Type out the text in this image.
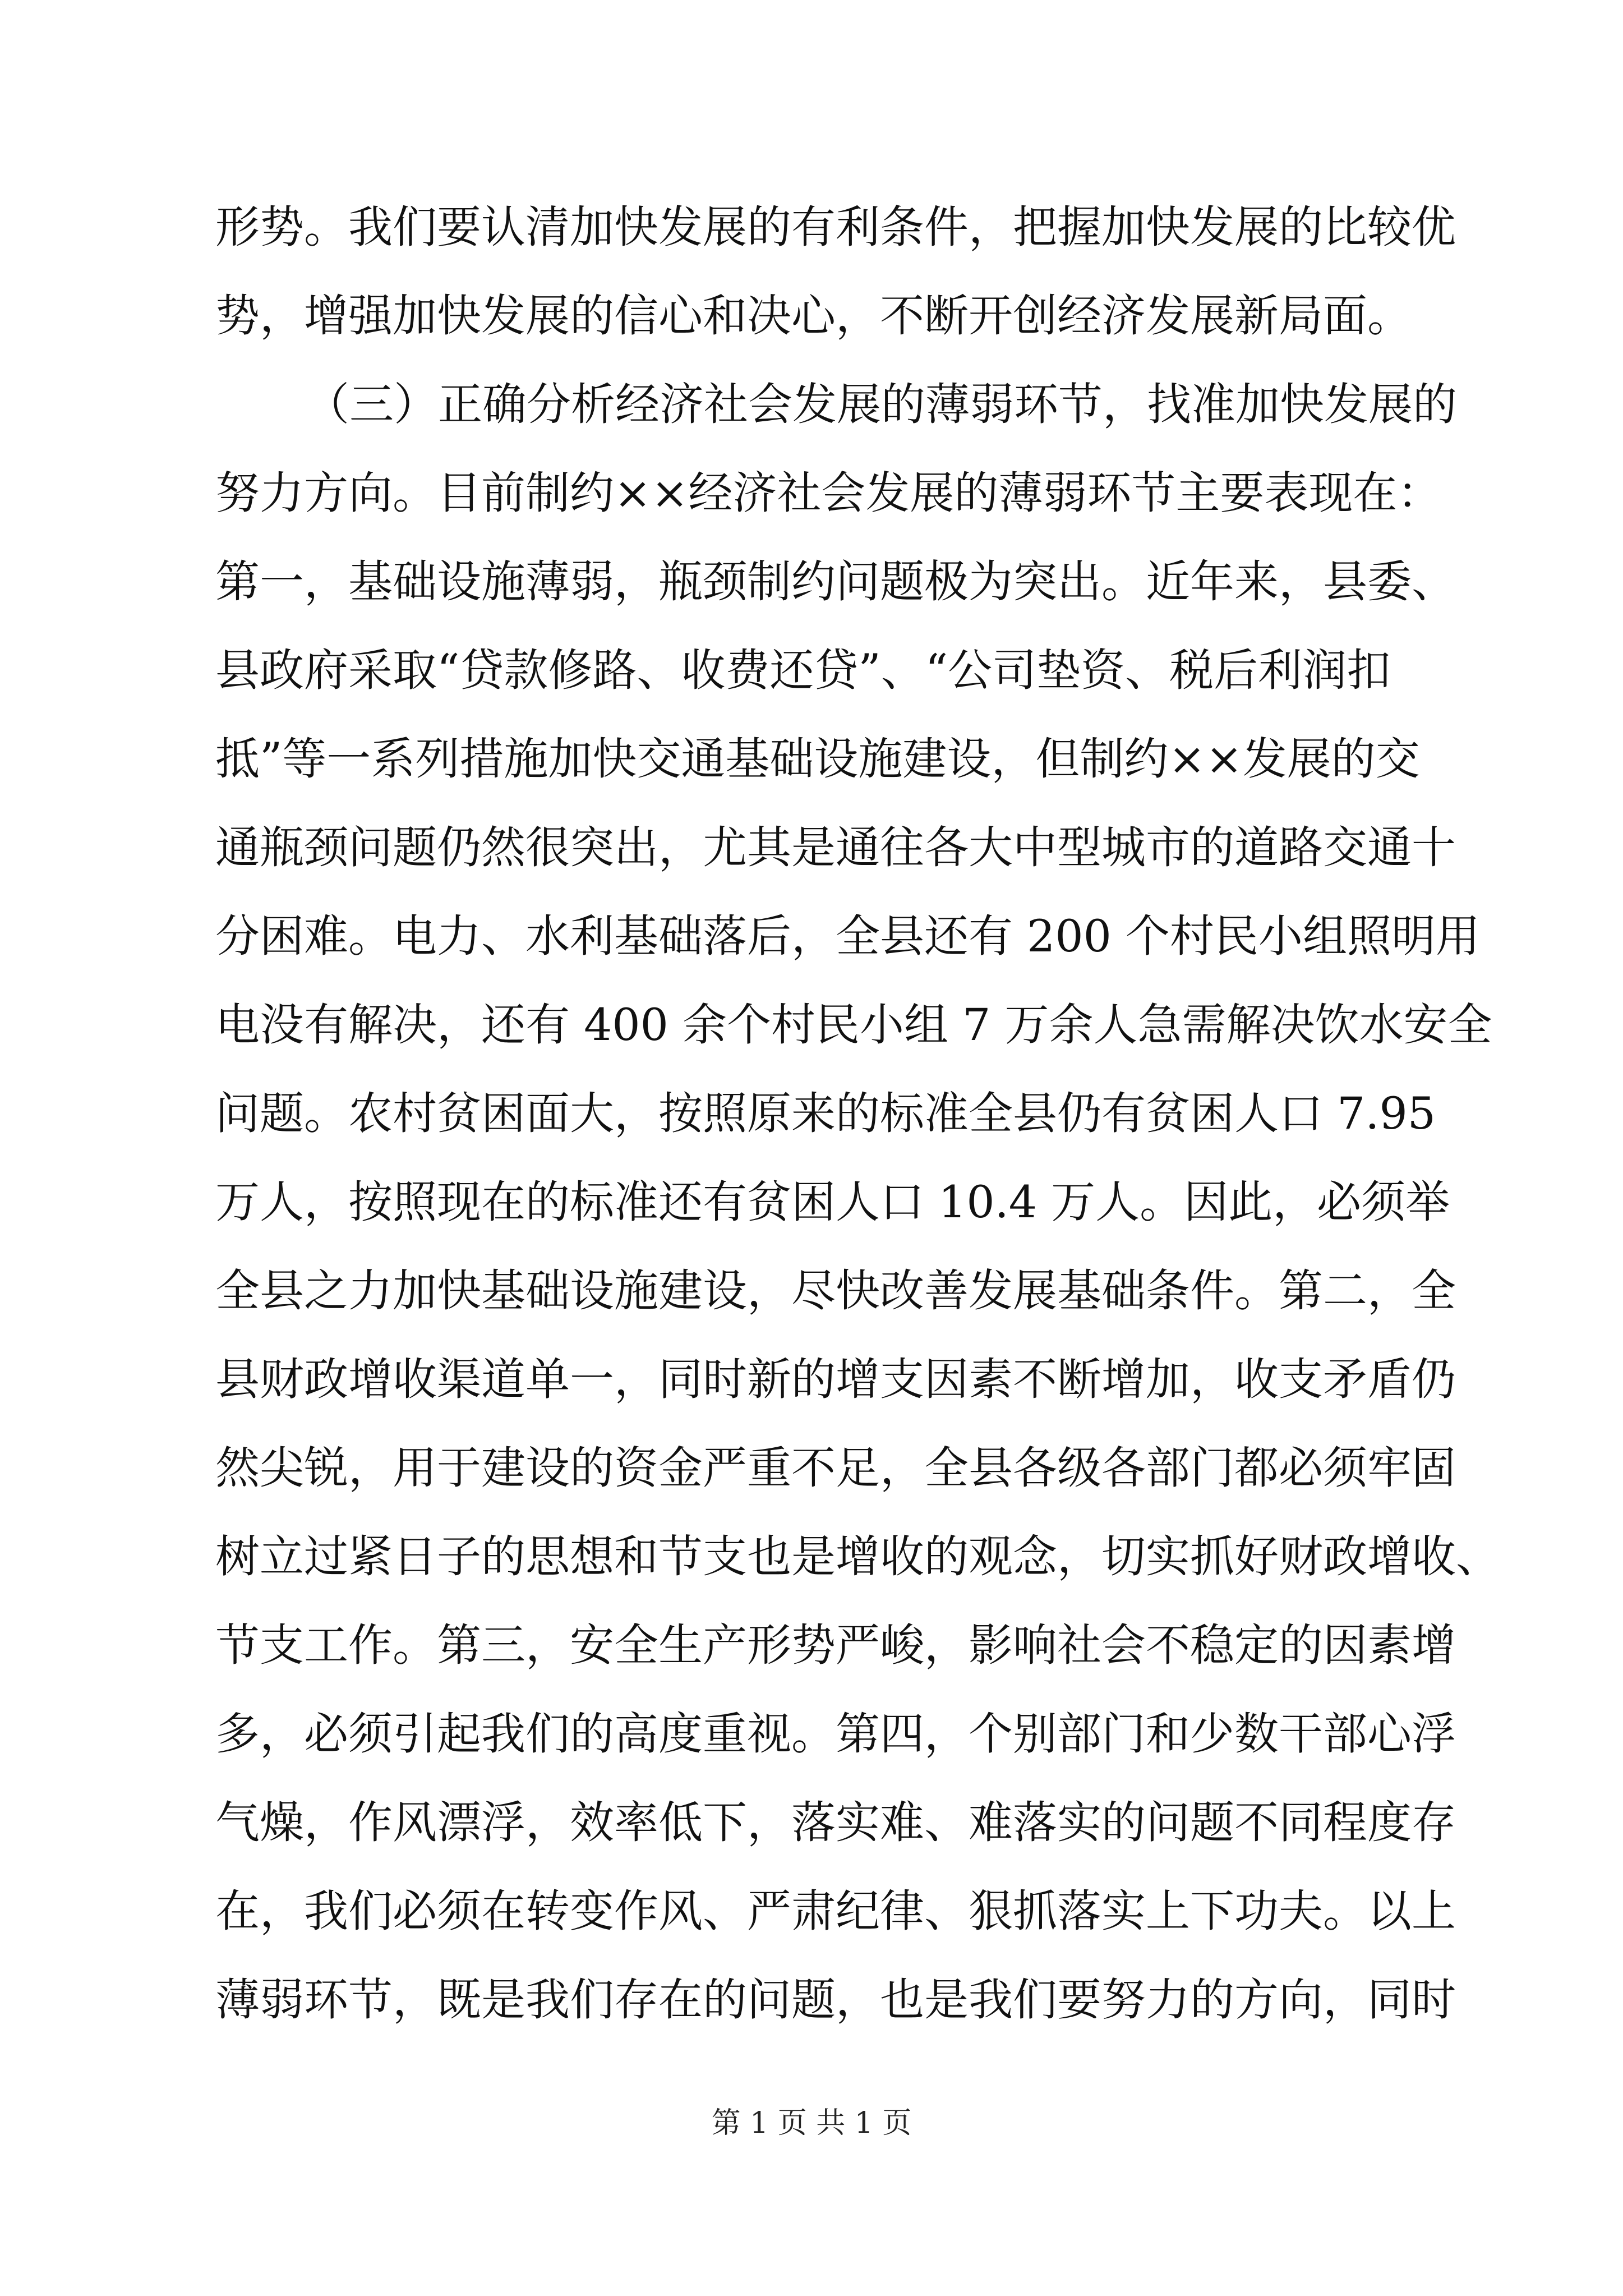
形势。我们要认清加快发展的有利条件，把握加快发展的比较优
势，增强加快发展的信心和决心，不断开创经济发展新局面。
（三）正确分析经济社会发展的薄弱环节，找准加快发展的
努力方向。目前制约××经济社会发展的薄弱环节主要表现在：
第一，基础设施薄弱，瓶颈制约问题极为突出。近年来，县委、
县政府采取“贷款修路、收费还贷”、“公司垫资、税后利润扣
抵”等一系列措施加快交通基础设施建设，但制约××发展的交
通瓶颈问题仍然很突出，尤其是通往各大中型城市的道路交通十
分困难。电力、水利基础落后，全县还有 200 个村民小组照明用
电没有解决，还有 400 余个村民小组 7 万余人急需解决饮水安全
问题。农村贫困面大，按照原来的标准全县仍有贫困人口 7.95
万人，按照现在的标准还有贫困人口 10.4 万人。因此，必须举
全县之力加快基础设施建设，尽快改善发展基础条件。第二，全
县财政增收渠道单一，同时新的增支因素不断增加，收支矛盾仍
然尖锐，用于建设的资金严重不足，全县各级各部门都必须牢固
树立过紧日子的思想和节支也是增收的观念，切实抓好财政增收、
节支工作。第三，安全生产形势严峻，影响社会不稳定的因素增
多，必须引起我们的高度重视。第四，个别部门和少数干部心浮
气燥，作风漂浮，效率低下，落实难、难落实的问题不同程度存
在，我们必须在转变作风、严肃纪律、狠抓落实上下功夫。以上
薄弱环节，既是我们存在的问题，也是我们要努力的方向，同时
第 1 页 共 1 页
